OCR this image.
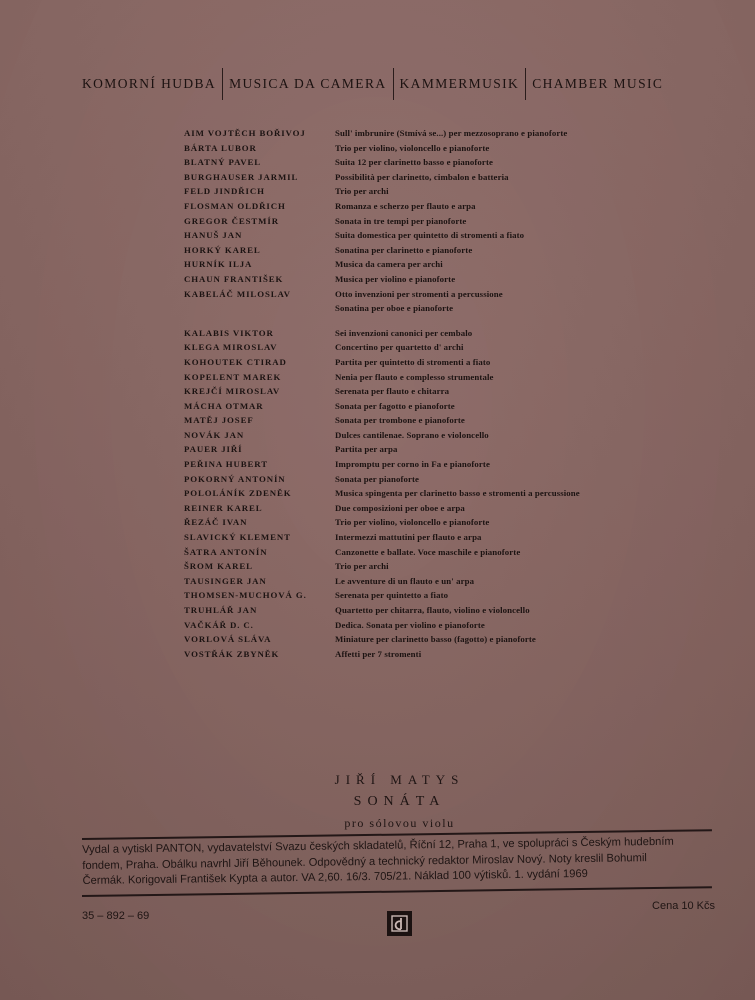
KOMORNÍ HUDBA MUSICA DA CAMERA KAMMERMUSIK CHAMBER MUSIC
AIM VOJTĚCH BOŘIVOJ	Sull' imbrunire (Stmívá se...) per mezzosoprano e pianoforte
BÁRTA LUBOR	Trio per violino, violoncello e pianoforte
BLATNÝ PAVEL	Suita 12 per clarinetto basso e pianoforte
BURGHAUSER JARMIL	Possibilità per clarinetto, cimbalon e batteria
FELD JINDŘICH	Trio per archi
FLOSMAN OLDŘICH	Romanza e scherzo per flauto e arpa
GREGOR ČESTMÍR	Sonata in tre tempi per pianoforte
HANUŠ JAN	Suita domestica per quintetto di stromenti a fiato
HORKÝ KAREL	Sonatina per clarinetto e pianoforte
HURNÍK ILJA	Musica da camera per archi
CHAUN FRANTIŠEK	Musica per violino e pianoforte
KABELÁČ MILOSLAV	Otto invenzioni per stromenti a percussione
Sonatina per oboe e pianoforte
KALABIS VIKTOR	Sei invenzioni canonici per cembalo
KLEGA MIROSLAV	Concertino per quartetto d' archi
KOHOUTEK CTIRAD	Partita per quintetto di stromenti a fiato
KOPELENT MAREK	Nenia per flauto e complesso strumentale
KREJČÍ MIROSLAV	Serenata per flauto e chitarra
MÁCHA OTMAR	Sonata per fagotto e pianoforte
MATĚJ JOSEF	Sonata per trombone e pianoforte
NOVÁK JAN	Dulces cantilenae. Soprano e violoncello
PAUER JIŘÍ	Partita per arpa
PEŘINA HUBERT	Impromptu per corno in Fa e pianoforte
POKORNÝ ANTONÍN	Sonata per pianoforte
POLOLÁNÍK ZDENĚK	Musica spingenta per clarinetto basso e stromenti a percussione
REINER KAREL	Due composizioni per oboe e arpa
ŘEZÁČ IVAN	Trio per violino, violoncello e pianoforte
SLAVICKÝ KLEMENT	Intermezzi mattutini per flauto e arpa
ŠATRA ANTONÍN	Canzonette e ballate. Voce maschile e pianoforte
ŠROM KAREL	Trio per archi
TAUSINGER JAN	Le avventure di un flauto e un' arpa
THOMSEN-MUCHOVÁ G.	Serenata per quintetto a fiato
TRUHLÁŘ JAN	Quartetto per chitarra, flauto, violino e violoncello
VAČKÁŘ D. C.	Dedica. Sonata per violino e pianoforte
VORLOVÁ SLÁVA	Miniature per clarinetto basso (fagotto) e pianoforte
VOSTŘÁK ZBYNĚK	Affetti per 7 stromenti
JIŘÍ MATYS
SONÁTA
pro sólovou violu
Vydal a vytiskl PANTON, vydavatelství Svazu českých skladatelů, Říční 12, Praha 1, ve spolupráci s Českým hudebním
fondem, Praha. Obálku navrhl Jiří Běhounek. Odpovědný a technický redaktor Miroslav Nový. Noty kreslil Bohumil
Čermák. Korigovali František Kypta a autor. VA 2,60. 16/3. 705/21. Náklad 100 výtisků. 1. vydání 1969
35 – 892 – 69
Cena 10 Kčs
